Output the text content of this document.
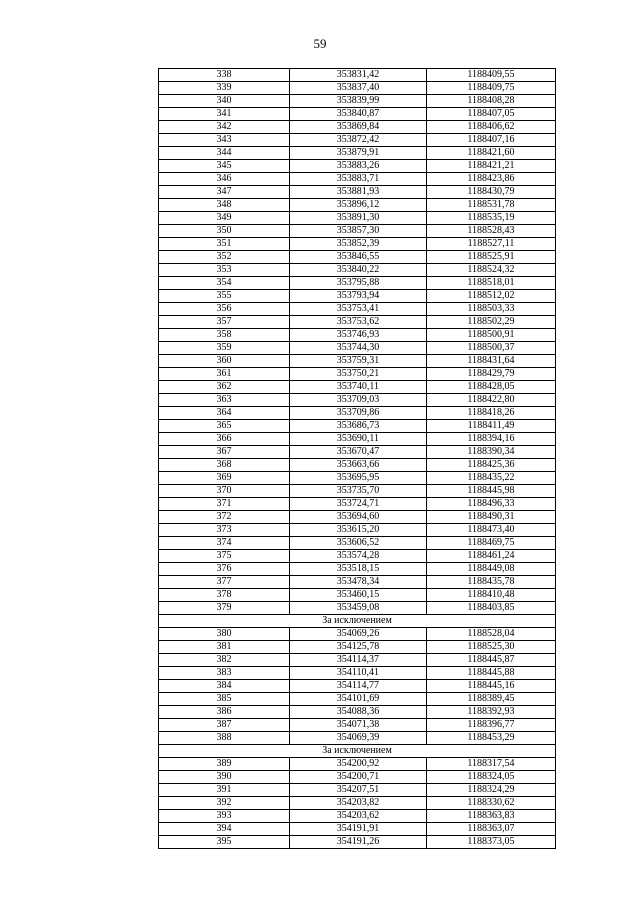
59
338	353831,42	1188409,55
339	353837,40	1188409,75
340	353839,99	1188408,28
341	353840,87	1188407,05
342	353869,84	1188406,62
343	353872,42	1188407,16
344	353879,91	1188421,60
345	353883,26	1188421,21
346	353883,71	1188423,86
347	353881,93	1188430,79
348	353896,12	1188531,78
349	353891,30	1188535,19
350	353857,30	1188528,43
351	353852,39	1188527,11
352	353846,55	1188525,91
353	353840,22	1188524,32
354	353795,88	1188518,01
355	353793,94	1188512,02
356	353753,41	1188503,33
357	353753,62	1188502,29
358	353746,93	1188500,91
359	353744,30	1188500,37
360	353759,31	1188431,64
361	353750,21	1188429,79
362	353740,11	1188428,05
363	353709,03	1188422,80
364	353709,86	1188418,26
365	353686,73	1188411,49
366	353690,11	1188394,16
367	353670,47	1188390,34
368	353663,66	1188425,36
369	353695,95	1188435,22
370	353735,70	1188445,98
371	353724,71	1188496,33
372	353694,60	1188490,31
373	353615,20	1188473,40
374	353606,52	1188469,75
375	353574,28	1188461,24
376	353518,15	1188449,08
377	353478,34	1188435,78
378	353460,15	1188410,48
379	353459,08	1188403,85
За исключением		
380	354069,26	1188528,04
381	354125,78	1188525,30
382	354114,37	1188445,87
383	354110,41	1188445,88
384	354114,77	1188445,16
385	354101,69	1188389,45
386	354088,36	1188392,93
387	354071,38	1188396,77
388	354069,39	1188453,29
За исключением		
389	354200,92	1188317,54
390	354200,71	1188324,05
391	354207,51	1188324,29
392	354203,82	1188330,62
393	354203,62	1188363,83
394	354191,91	1188363,07
395	354191,26	1188373,05
